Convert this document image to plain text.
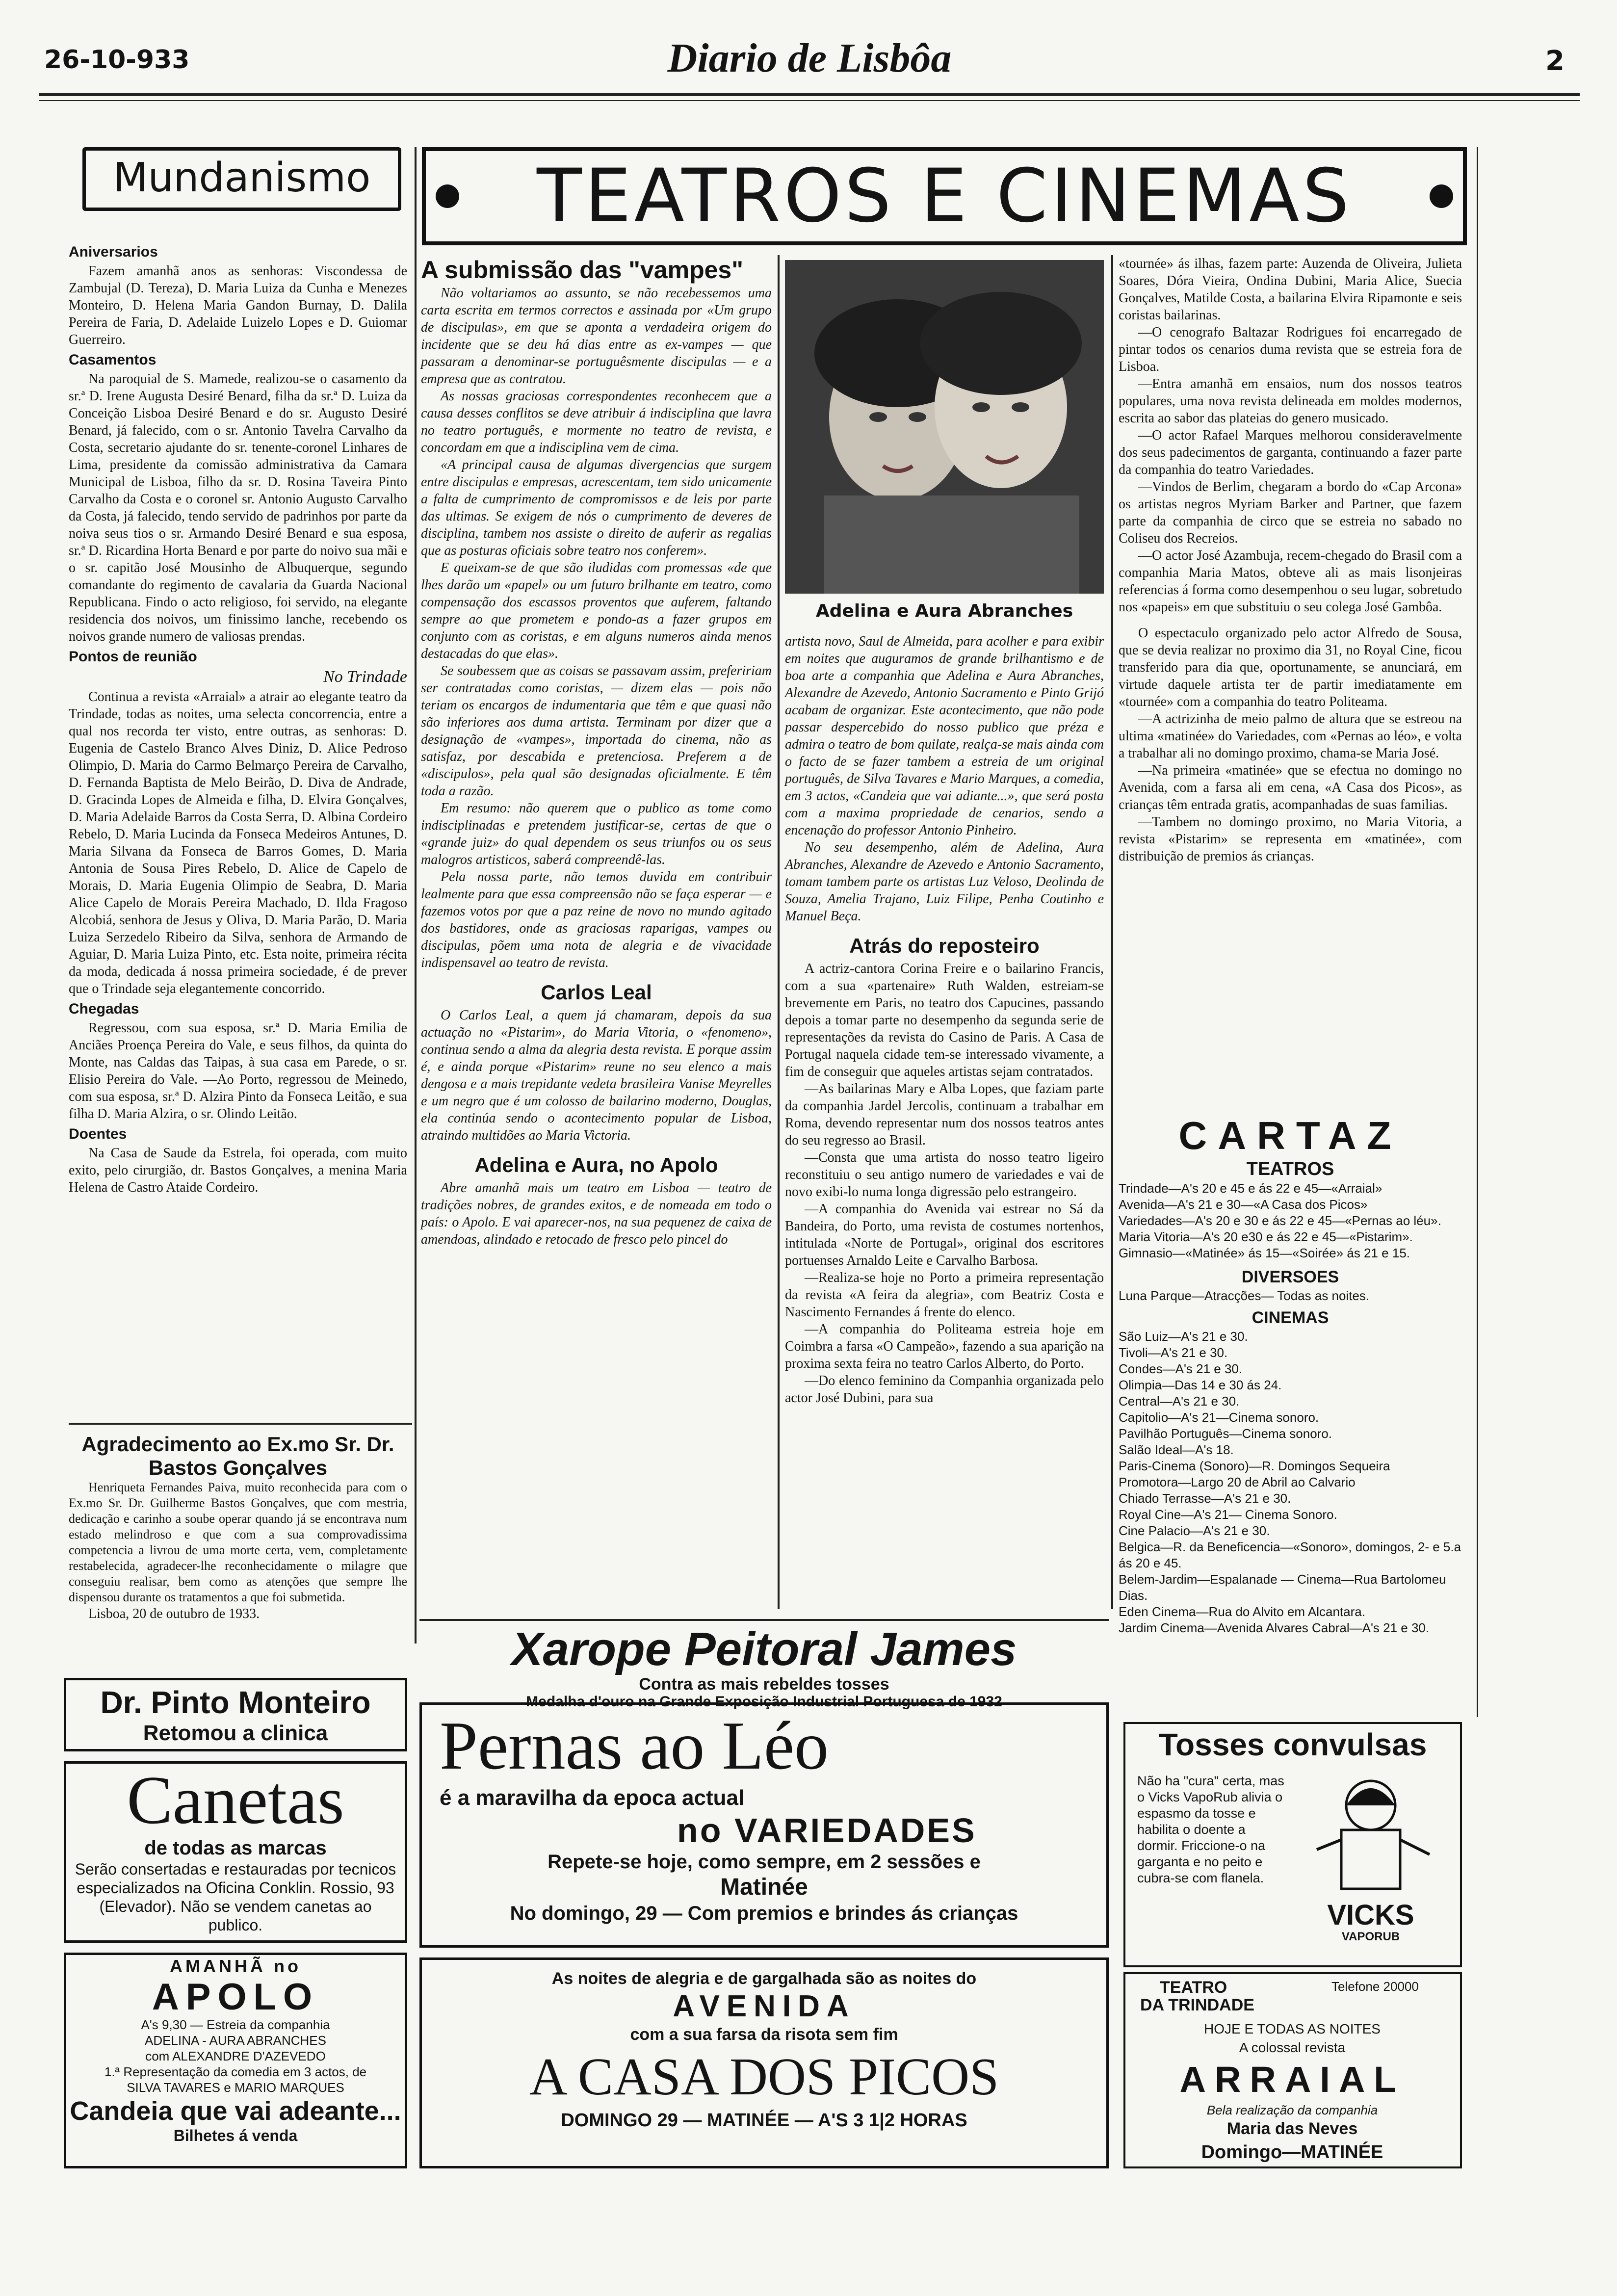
26-10-933	Diario de Lisbôa	2
Mundanismo
Aniversarios

Fazem amanhã anos as senhoras: Viscondessa de Zambujal (D. Tereza), D. Maria Luiza da Cunha e Menezes Monteiro, D. Helena Maria Gandon Burnay, D. Dalila Pereira de Faria, D. Adelaide Luizelo Lopes e D. Guiomar Guerreiro.

Casamentos

Na paroquial de S. Mamede, realizou-se o casamento da sr.ª D. Irene Augusta Desiré Benard, filha da sr.ª D. Luiza da Conceição Lisboa Desiré Benard e do sr. Augusto Desiré Benard, já falecido, com o sr. Antonio Tavelra Carvalho da Costa, secretario ajudante do sr. tenente-coronel Linhares de Lima, presidente da comissão administrativa da Camara Municipal de Lisboa, filho da sr. D. Rosina Taveira Pinto Carvalho da Costa e o coronel sr. Antonio Augusto Carvalho da Costa, já falecido, tendo servido de padrinhos por parte da noiva seus tios o sr. Armando Desiré Benard e sua esposa, sr.ª D. Ricardina Horta Benard e por parte do noivo sua mãi e o sr. capitão José Mousinho de Albuquerque, segundo comandante do regimento de cavalaria da Guarda Nacional Republicana. Findo o acto religioso, foi servido, na elegante residencia dos noivos, um finissimo lanche, recebendo os noivos grande numero de valiosas prendas.

Pontos de reunião
No Trindade

Continua a revista «Arraial» a atrair ao elegante teatro da Trindade, todas as noites, uma selecta concorrencia, entre a qual nos recorda ter visto, entre outras, as senhoras: D. Eugenia de Castelo Branco Alves Diniz, D. Alice Pedroso Olimpio, D. Maria do Carmo Belmarço Pereira de Carvalho, D. Fernanda Baptista de Melo Beirão, D. Diva de Andrade, D. Gracinda Lopes de Almeida e filha, D. Elvira Gonçalves, D. Maria Adelaide Barros da Costa Serra, D. Albina Cordeiro Rebelo, D. Maria Lucinda da Fonseca Medeiros Antunes, D. Maria Silvana da Fonseca de Barros Gomes, D. Maria Antonia de Sousa Pires Rebelo, D. Alice de Capelo de Morais, D. Maria Eugenia Olimpio de Seabra, D. Maria Alice Capelo de Morais Pereira Machado, D. Ilda Fragoso Alcobiá, senhora de Jesus y Oliva, D. Maria Parão, D. Maria Luiza Serzedelo Ribeiro da Silva, senhora de Armando de Aguiar, D. Maria Luiza Pinto, etc. Esta noite, primeira récita da moda, dedicada á nossa primeira sociedade, é de prever que o Trindade seja elegantemente concorrido.

Chegadas

Regressou, com sua esposa, sr.ª D. Maria Emilia de Anciães Proença Pereira do Vale, e seus filhos, da quinta do Monte, nas Caldas das Taipas, à sua casa em Parede, o sr. Elisio Pereira do Vale. —Ao Porto, regressou de Meinedo, com sua esposa, sr.ª D. Alzira Pinto da Fonseca Leitão, e sua filha D. Maria Alzira, o sr. Olindo Leitão.

Doentes

Na Casa de Saude da Estrela, foi operada, com muito exito, pelo cirurgião, dr. Bastos Gonçalves, a menina Maria Helena de Castro Ataide Cordeiro.

Agradecimento ao Ex.mo Sr. Dr. Bastos Gonçalves

Henriqueta Fernandes Paiva, muito reconhecida para com o Ex.mo Sr. Dr. Guilherme Bastos Gonçalves, que com mestria, dedicação e carinho a soube operar quando já se encontrava num estado melindroso e que com a sua comprovadissima competencia a livrou de uma morte certa, vem, completamente restabelecida, agradecer-lhe reconhecidamente o milagre que conseguiu realisar, bem como as atenções que sempre lhe dispensou durante os tratamentos a que foi submetida.

Lisboa, 20 de outubro de 1933.

Dr. Pinto Monteiro
Retomou a clinica
Canetas
de todas as marcas
Serão consertadas e restauradas por tecnicos especializados na Oficina Conklin. Rossio, 93 (Elevador). Não se vendem canetas ao publico.
AMANHÃ no
APOLO
A's 9,30 — Estreia da companhia
ADELINA - AURA ABRANCHES
com ALEXANDRE D'AZEVEDO
1.ª Representação da comedia em 3 actos, de
SILVA TAVARES e MARIO MARQUES
Candeia que vai adeante...
Bilhetes á venda
TEATROS E CINEMAS
A submissão das "vampes"

Não voltariamos ao assunto, se não recebessemos uma carta escrita em termos correctos e assinada por «Um grupo de discipulas», em que se aponta a verdadeira origem do incidente que se deu há dias entre as ex-vampes — que passaram a denominar-se portuguêsmente discipulas — e a empresa que as contratou.

As nossas graciosas correspondentes reconhecem que a causa desses conflitos se deve atribuir á indisciplina que lavra no teatro português, e mormente no teatro de revista, e concordam em que a indisciplina vem de cima.

«A principal causa de algumas divergencias que surgem entre discipulas e empresas, acrescentam, tem sido unicamente a falta de cumprimento de compromissos e de leis por parte das ultimas. Se exigem de nós o cumprimento de deveres de disciplina, tambem nos assiste o direito de auferir as regalias que as posturas oficiais sobre teatro nos conferem».

E queixam-se de que são iludidas com promessas «de que lhes darão um «papel» ou um futuro brilhante em teatro, como compensação dos escassos proventos que auferem, faltando sempre ao que prometem e pondo-as a fazer grupos em conjunto com as coristas, e em alguns numeros ainda menos destacadas do que elas».

Se soubessem que as coisas se passavam assim, prefeririam ser contratadas como coristas, — dizem elas — pois não teriam os encargos de indumentaria que têm e que quasi não são inferiores aos duma artista. Terminam por dizer que a designação de «vampes», importada do cinema, não as satisfaz, por descabida e pretenciosa. Preferem a de «discipulos», pela qual são designadas oficialmente. E têm toda a razão.

Em resumo: não querem que o publico as tome como indisciplinadas e pretendem justificar-se, certas de que o «grande juiz» do qual dependem os seus triunfos ou os seus malogros artisticos, saberá compreendê-las.

Pela nossa parte, não temos duvida em contribuir lealmente para que essa compreensão não se faça esperar — e fazemos votos por que a paz reine de novo no mundo agitado dos bastidores, onde as graciosas raparigas, vampes ou discipulas, põem uma nota de alegria e de vivacidade indispensavel ao teatro de revista.

Carlos Leal

O Carlos Leal, a quem já chamaram, depois da sua actuação no «Pistarim», do Maria Vitoria, o «fenomeno», continua sendo a alma da alegria desta revista. E porque assim é, e ainda porque «Pistarim» reune no seu elenco a mais dengosa e a mais trepidante vedeta brasileira Vanise Meyrelles e um negro que é um colosso de bailarino moderno, Douglas, ela continúa sendo o acontecimento popular de Lisboa, atraindo multidões ao Maria Victoria.

Adelina e Aura, no Apolo

Abre amanhã mais um teatro em Lisboa — teatro de tradições nobres, de grandes exitos, e de nomeada em todo o país: o Apolo. E vai aparecer-nos, na sua pequenez de caixa de amendoas, alindado e retocado de fresco pelo pincel do

Adelina e Aura Abranches

artista novo, Saul de Almeida, para acolher e para exibir em noites que auguramos de grande brilhantismo e de boa arte a companhia que Adelina e Aura Abranches, Alexandre de Azevedo, Antonio Sacramento e Pinto Grijó acabam de organizar. Este acontecimento, que não pode passar despercebido do nosso publico que préza e admira o teatro de bom quilate, realça-se mais ainda com o facto de se fazer tambem a estreia de um original português, de Silva Tavares e Mario Marques, a comedia, em 3 actos, «Candeia que vai adiante...», que será posta com a maxima propriedade de cenarios, sendo a encenação do professor Antonio Pinheiro.

No seu desempenho, além de Adelina, Aura Abranches, Alexandre de Azevedo e Antonio Sacramento, tomam tambem parte os artistas Luz Veloso, Deolinda de Souza, Amelia Trajano, Luiz Filipe, Penha Coutinho e Manuel Beça.

Atrás do reposteiro

A actriz-cantora Corina Freire e o bailarino Francis, com a sua «partenaire» Ruth Walden, estreiam-se brevemente em Paris, no teatro dos Capucines, passando depois a tomar parte no desempenho da segunda serie de representações da revista do Casino de Paris. A Casa de Portugal naquela cidade tem-se interessado vivamente, a fim de conseguir que aqueles artistas sejam contratados.

—As bailarinas Mary e Alba Lopes, que faziam parte da companhia Jardel Jercolis, continuam a trabalhar em Roma, devendo representar num dos nossos teatros antes do seu regresso ao Brasil.

—Consta que uma artista do nosso teatro ligeiro reconstituiu o seu antigo numero de variedades e vai de novo exibi-lo numa longa digressão pelo estrangeiro.

—A companhia do Avenida vai estrear no Sá da Bandeira, do Porto, uma revista de costumes nortenhos, intitulada «Norte de Portugal», original dos escritores portuenses Arnaldo Leite e Carvalho Barbosa.

—Realiza-se hoje no Porto a primeira representação da revista «A feira da alegria», com Beatriz Costa e Nascimento Fernandes á frente do elenco.

—A companhia do Politeama estreia hoje em Coimbra a farsa «O Campeão», fazendo a sua aparição na proxima sexta feira no teatro Carlos Alberto, do Porto.

—Do elenco feminino da Companhia organizada pelo actor José Dubini, para sua

«tournée» ás ilhas, fazem parte: Auzenda de Oliveira, Julieta Soares, Dóra Vieira, Ondina Dubini, Maria Alice, Suecia Gonçalves, Matilde Costa, a bailarina Elvira Ripamonte e seis coristas bailarinas.

—O cenografo Baltazar Rodrigues foi encarregado de pintar todos os cenarios duma revista que se estreia fora de Lisboa.

—Entra amanhã em ensaios, num dos nossos teatros populares, uma nova revista delineada em moldes modernos, escrita ao sabor das plateias do genero musicado.

—O actor Rafael Marques melhorou consideravelmente dos seus padecimentos de garganta, continuando a fazer parte da companhia do teatro Variedades.

—Vindos de Berlim, chegaram a bordo do «Cap Arcona» os artistas negros Myriam Barker and Partner, que fazem parte da companhia de circo que se estreia no sabado no Coliseu dos Recreios.

—O actor José Azambuja, recem-chegado do Brasil com a companhia Maria Matos, obteve ali as mais lisonjeiras referencias á forma como desempenhou o seu lugar, sobretudo nos «papeis» em que substituiu o seu colega José Gambôa.

O espectaculo organizado pelo actor Alfredo de Sousa, que se devia realizar no proximo dia 31, no Royal Cine, ficou transferido para dia que, oportunamente, se anunciará, em virtude daquele artista ter de partir imediatamente em «tournée» com a companhia do teatro Politeama.

—A actrizinha de meio palmo de altura que se estreou na ultima «matinée» do Variedades, com «Pernas ao léo», e volta a trabalhar ali no domingo proximo, chama-se Maria José.

—Na primeira «matinée» que se efectua no domingo no Avenida, com a farsa ali em cena, «A Casa dos Picos», as crianças têm entrada gratis, acompanhadas de suas familias.

—Tambem no domingo proximo, no Maria Vitoria, a revista «Pistarim» se representa em «matinée», com distribuição de premios ás crianças.

CARTAZ
TEATROS
Trindade—A's 20 e 45 e ás 22 e 45—«Arraial»
Avenida—A's 21 e 30—«A Casa dos Picos»
Variedades—A's 20 e 30 e ás 22 e 45—«Pernas ao léu».
Maria Vitoria—A's 20 e30 e ás 22 e 45—«Pistarim».
Gimnasio—«Matinée» ás 15—«Soirée» ás 21 e 15.
DIVERSOES
Luna Parque—Atracções— Todas as noites.
CINEMAS
São Luiz—A's 21 e 30.
Tivoli—A's 21 e 30.
Condes—A's 21 e 30.
Olimpia—Das 14 e 30 ás 24.
Central—A's 21 e 30.
Capitolio—A's 21—Cinema sonoro.
Pavilhão Português—Cinema sonoro.
Salão Ideal—A's 18.
Paris-Cinema (Sonoro)—R. Domingos Sequeira
Promotora—Largo 20 de Abril ao Calvario
Chiado Terrasse—A's 21 e 30.
Royal Cine—A's 21— Cinema Sonoro.
Cine Palacio—A's 21 e 30.
Belgica—R. da Beneficencia—«Sonoro», domingos, 2- e 5.a ás 20 e 45.
Belem-Jardim—Espalanade — Cinema—Rua Bartolomeu Dias.
Eden Cinema—Rua do Alvito em Alcantara.
Jardim Cinema—Avenida Alvares Cabral—A's 21 e 30.
Xarope Peitoral James
Contra as mais rebeldes tosses
Medalha d'ouro na Grande Exposição Industrial Portuguesa de 1932
Pernas ao Léo
é a maravilha da epoca actual
no VARIEDADES
Repete-se hoje, como sempre, em 2 sessões e
Matinée
No domingo, 29 — Com premios e brindes ás crianças
As noites de alegria e de gargalhada são as noites do
AVENIDA
com a sua farsa da risota sem fim
A CASA DOS PICOS
DOMINGO 29 — MATINÉE — A'S 3 1|2 HORAS
Tosses convulsas
Não ha "cura" certa, mas o Vicks VapoRub alivia o espasmo da tosse e habilita o doente a dormir. Friccione-o na garganta e no peito e cubra-se com flanela.
VICKS
VAPORUB
TEATRO
DA TRINDADE
Telefone 20000
HOJE E TODAS AS NOITES
A colossal revista
ARRAIAL
Bela realização da companhia
Maria das Neves
Domingo—MATINÉE
